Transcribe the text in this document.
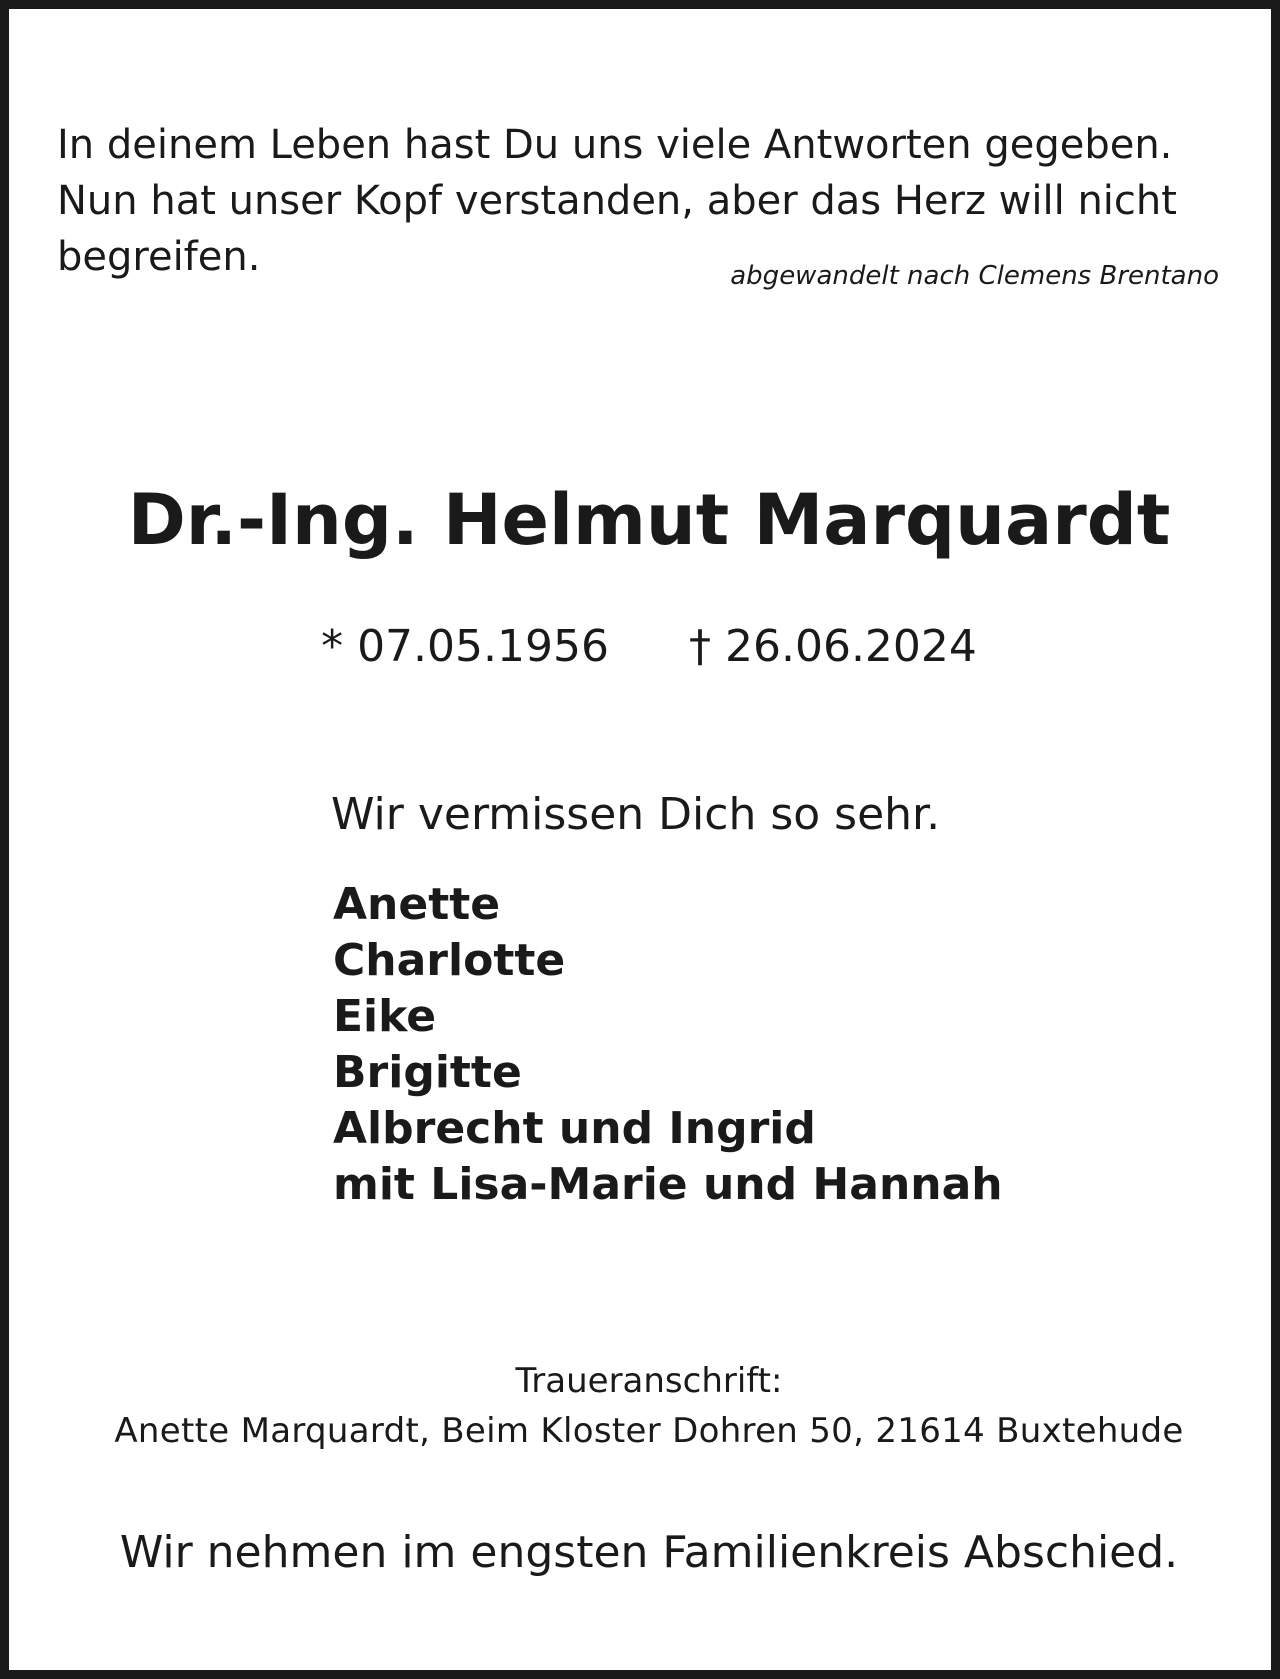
In deinem Leben hast Du uns viele Antworten gegeben.
Nun hat unser Kopf verstanden, aber das Herz will nicht
begreifen.	abgewandelt nach Clemens Brentano

Dr.-Ing. Helmut Marquardt

* 07.05.1956 † 26.06.2024

Wir vermissen Dich so sehr.

Anette
Charlotte
Eike
Brigitte
Albrecht und Ingrid
mit Lisa-Marie und Hannah

Traueranschrift:

Anette Marquardt, Beim Kloster Dohren 50, 21614 Buxtehude

Wir nehmen im engsten Familienkreis Abschied.
